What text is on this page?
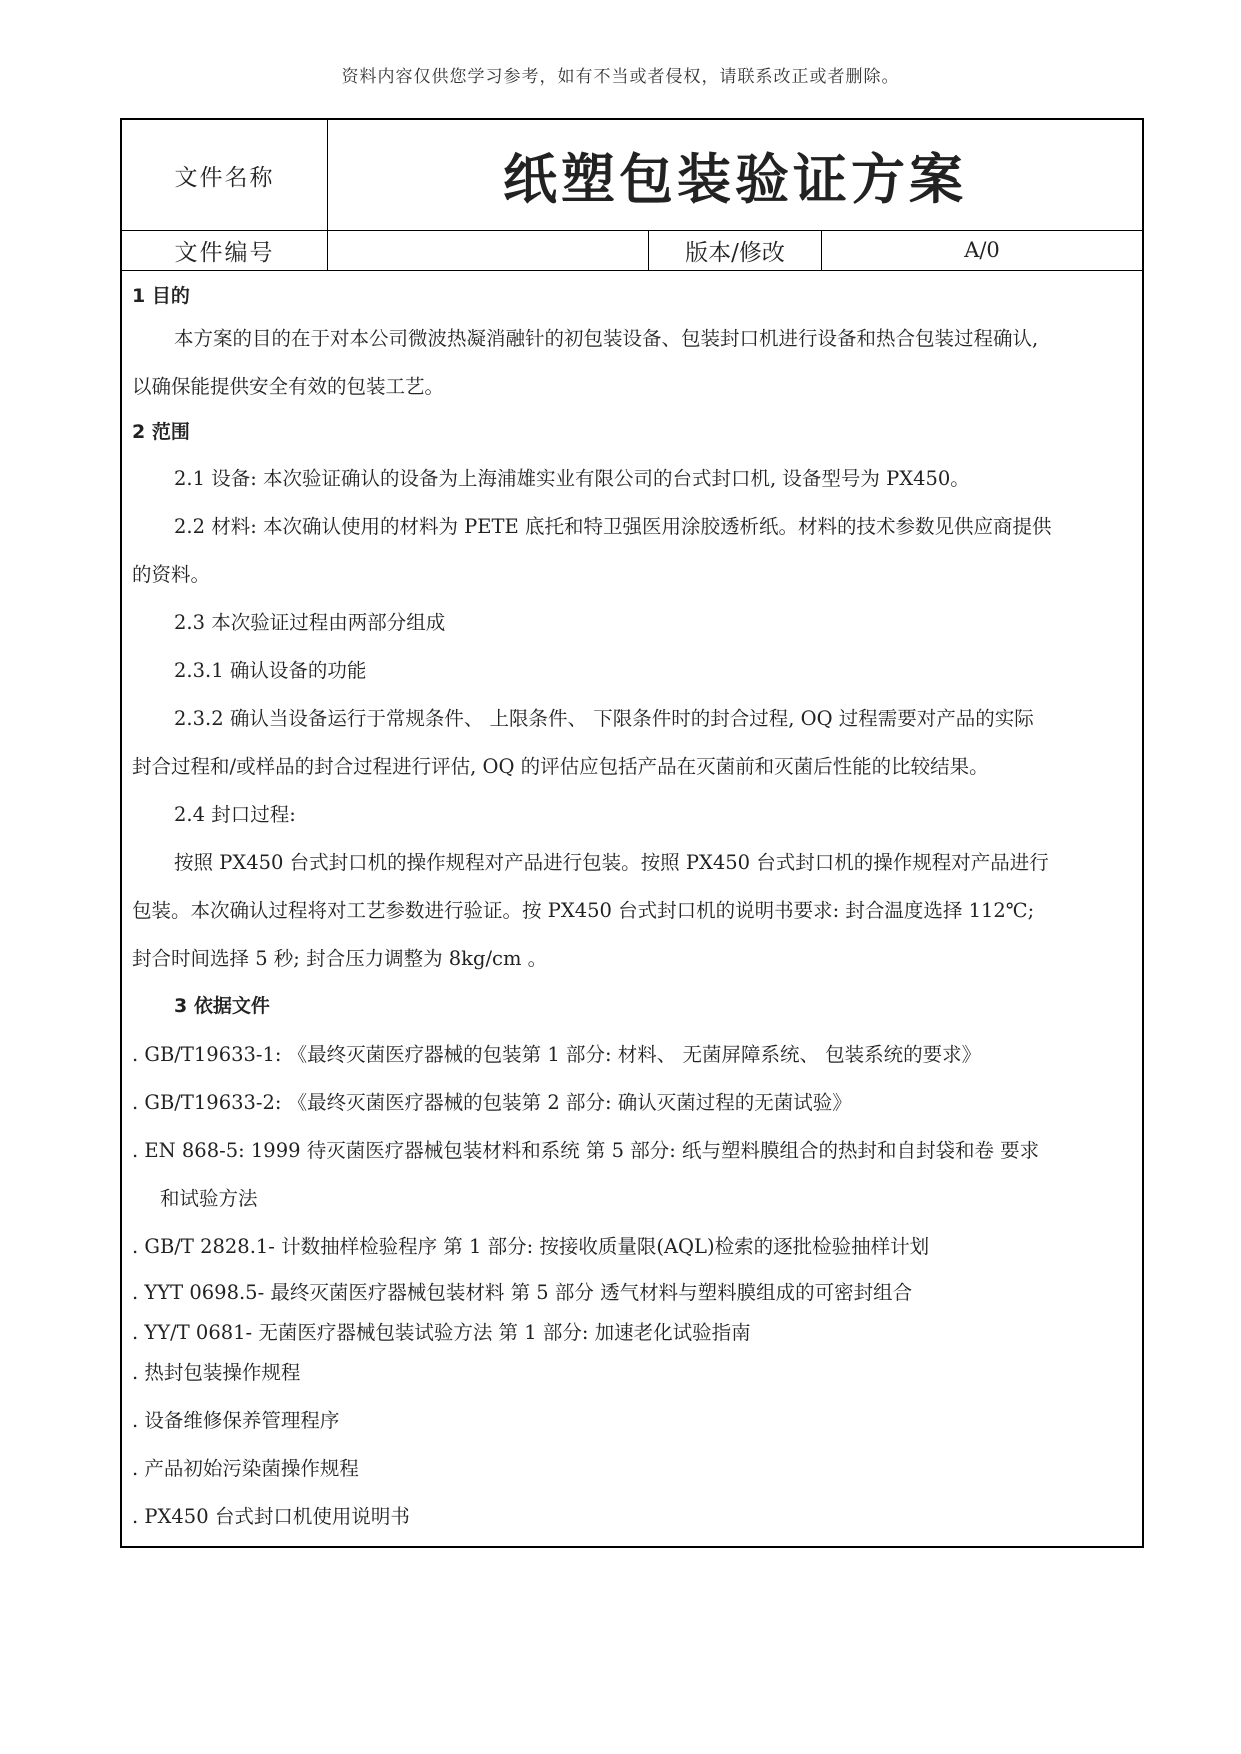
资料内容仅供您学习参考，如有不当或者侵权，请联系改正或者删除。
文件名称	纸塑包装验证方案
文件编号	版本/修改	A/0
1 目的
本方案的目的在于对本公司微波热凝消融针的初包装设备、包装封口机进行设备和热合包装过程确认,
以确保能提供安全有效的包装工艺。
2 范围
2.1 设备: 本次验证确认的设备为上海浦雄实业有限公司的台式封口机, 设备型号为 PX450。
2.2 材料: 本次确认使用的材料为 PETE 底托和特卫强医用涂胶透析纸。材料的技术参数见供应商提供
的资料。
2.3 本次验证过程由两部分组成
2.3.1 确认设备的功能
2.3.2 确认当设备运行于常规条件、 上限条件、 下限条件时的封合过程, OQ 过程需要对产品的实际
封合过程和/或样品的封合过程进行评估, OQ 的评估应包括产品在灭菌前和灭菌后性能的比较结果。
2.4 封口过程:
按照 PX450 台式封口机的操作规程对产品进行包装。按照 PX450 台式封口机的操作规程对产品进行
包装。本次确认过程将对工艺参数进行验证。按 PX450 台式封口机的说明书要求: 封合温度选择 112℃;
封合时间选择 5 秒; 封合压力调整为 8kg/cm 。
3 依据文件
. GB/T19633-1: 《最终灭菌医疗器械的包装第 1 部分: 材料、 无菌屏障系统、 包装系统的要求》
. GB/T19633-2: 《最终灭菌医疗器械的包装第 2 部分: 确认灭菌过程的无菌试验》
. EN 868-5: 1999 待灭菌医疗器械包装材料和系统 第 5 部分: 纸与塑料膜组合的热封和自封袋和卷 要求
和试验方法
. GB/T 2828.1- 计数抽样检验程序 第 1 部分: 按接收质量限(AQL)检索的逐批检验抽样计划
. YYT 0698.5- 最终灭菌医疗器械包装材料 第 5 部分 透气材料与塑料膜组成的可密封组合
. YY/T 0681- 无菌医疗器械包装试验方法 第 1 部分: 加速老化试验指南
. 热封包装操作规程
. 设备维修保养管理程序
. 产品初始污染菌操作规程
. PX450 台式封口机使用说明书
